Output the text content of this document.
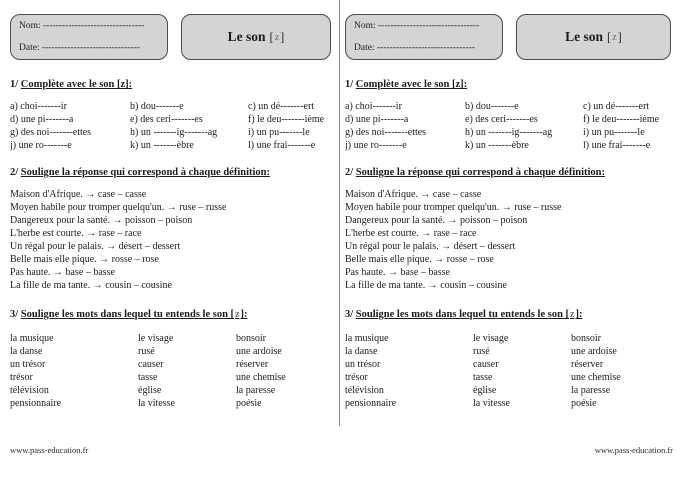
Nom: --------------------------------
Date: -------------------------------
Le son [ z ]
1/ Complète avec le son [z]:
a) choi-------ir	b) dou-------e	c) un dé-------ert
d) une pi-------a	e) des ceri-------es	f) le deu-------ième
g) des noi-------ettes	h) un -------ig-------ag	i) un pu-------le
j) une ro-------e	k) un -------èbre	l) une frai-------e
2/ Souligne la réponse qui correspond à chaque définition:
Maison d'Afrique. → case – casse
Moyen habile pour tromper quelqu'un. → ruse – russe
Dangereux pour la santé. → poisson – poison
L'herbe est courte. → rase – race
Un régal pour le palais. → désert – dessert
Belle mais elle pique. → rosse – rose
Pas haute. → base – basse
La fille de ma tante. → cousin – cousine
3/ Souligne les mots dans lequel tu entends le son [z]:
la musique	le visage	bonsoir
la danse	rusé	une ardoise
un trésor	causer	réserver
trésor	tasse	une chemise
télévision	église	la paresse
pensionnaire	la vitesse	poésie
www.pass-education.fr
Nom: --------------------------------
Date: -------------------------------
Le son [ z ]
1/ Complète avec le son [z]:
a) choi-------ir	b) dou-------e	c) un dé-------ert
d) une pi-------a	e) des ceri-------es	f) le deu-------ième
g) des noi-------ettes	h) un -------ig-------ag	i) un pu-------le
j) une ro-------e	k) un -------èbre	l) une frai-------e
2/ Souligne la réponse qui correspond à chaque définition:
Maison d'Afrique. → case – casse
Moyen habile pour tromper quelqu'un. → ruse – russe
Dangereux pour la santé. → poisson – poison
L'herbe est courte. → rase – race
Un régal pour le palais. → désert – dessert
Belle mais elle pique. → rosse – rose
Pas haute. → base – basse
La fille de ma tante. → cousin – cousine
3/ Souligne les mots dans lequel tu entends le son [z]:
la musique	le visage	bonsoir
la danse	rusé	une ardoise
un trésor	causer	réserver
trésor	tasse	une chemise
télévision	église	la paresse
pensionnaire	la vitesse	poésie
www.pass-education.fr
